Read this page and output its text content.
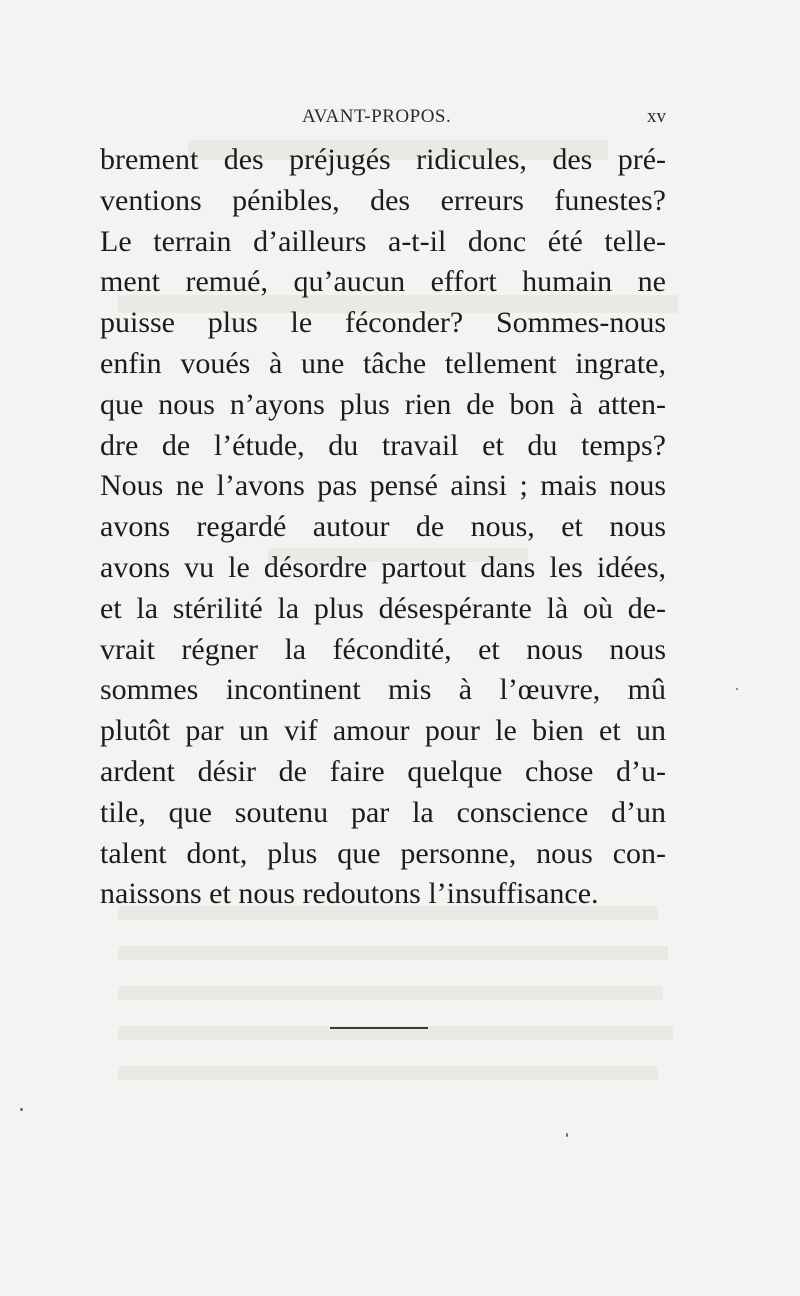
AVANT-PROPOS.	xv
brement des préjugés ridicules, des pré-
ventions pénibles, des erreurs funestes?
Le terrain d’ailleurs a-t-il donc été telle-
ment remué, qu’aucun effort humain ne
puisse plus le féconder? Sommes-nous
enfin voués à une tâche tellement ingrate,
que nous n’ayons plus rien de bon à atten-
dre de l’étude, du travail et du temps?
Nous ne l’avons pas pensé ainsi ; mais nous
avons regardé autour de nous, et nous
avons vu le désordre partout dans les idées,
et la stérilité la plus désespérante là où de-
vrait régner la fécondité, et nous nous
sommes incontinent mis à l’œuvre, mû
plutôt par un vif amour pour le bien et un
ardent désir de faire quelque chose d’u-
tile, que soutenu par la conscience d’un
talent dont, plus que personne, nous con-
naissons et nous redoutons l’insuffisance.
